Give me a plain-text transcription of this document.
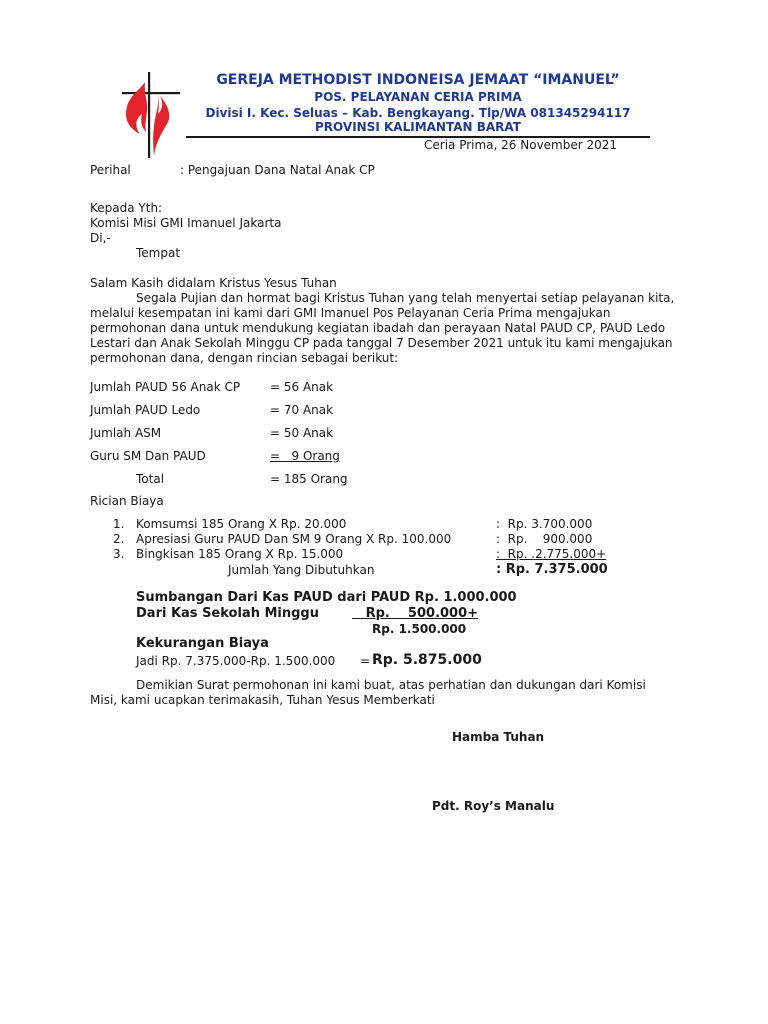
GEREJA METHODIST INDONEISA JEMAAT “IMANUEL”
POS. PELAYANAN CERIA PRIMA
Divisi I. Kec. Seluas – Kab. Bengkayang. Tlp/WA 081345294117
PROVINSI KALIMANTAN BARAT
Ceria Prima, 26 November 2021
Perihal	: Pengajuan Dana Natal Anak CP
Kepada Yth:
Komisi Misi GMI Imanuel Jakarta
Di,-
Tempat
Salam Kasih didalam Kristus Yesus Tuhan
Segala Pujian dan hormat bagi Kristus Tuhan yang telah menyertai setiap pelayanan kita,
melalui kesempatan ini kami dari GMI Imanuel Pos Pelayanan Ceria Prima mengajukan
permohonan dana untuk mendukung kegiatan ibadah dan perayaan Natal PAUD CP, PAUD Ledo
Lestari dan Anak Sekolah Minggu CP pada tanggal 7 Desember 2021 untuk itu kami mengajukan
permohonan dana, dengan rincian sebagai berikut:
Jumlah PAUD 56 Anak CP = 56 Anak
Jumlah PAUD Ledo	= 70 Anak
Jumlah ASM	= 50 Anak
Guru SM Dan PAUD	=   9 Orang
Total	= 185 Orang
Rician Biaya
1. Komsumsi 185 Orang X Rp. 20.000	:  Rp. 3.700.000
2. Apresiasi Guru PAUD Dan SM 9 Orang X Rp. 100.000	:  Rp.    900.000
3. Bingkisan 185 Orang X Rp. 15.000	:  Rp. .2.775.000+
Jumlah Yang Dibutuhkan	: Rp. 7.375.000
Sumbangan Dari Kas PAUD dari PAUD Rp. 1.000.000
Dari Kas Sekolah Minggu	Rp.    500.000+
Rp. 1.500.000
Kekurangan Biaya
Jadi Rp. 7.375.000-Rp. 1.500.000 = Rp. 5.875.000
Demikian Surat permohonan ini kami buat, atas perhatian dan dukungan dari Komisi
Misi, kami ucapkan terimakasih, Tuhan Yesus Memberkati
Hamba Tuhan
Pdt. Roy’s Manalu
